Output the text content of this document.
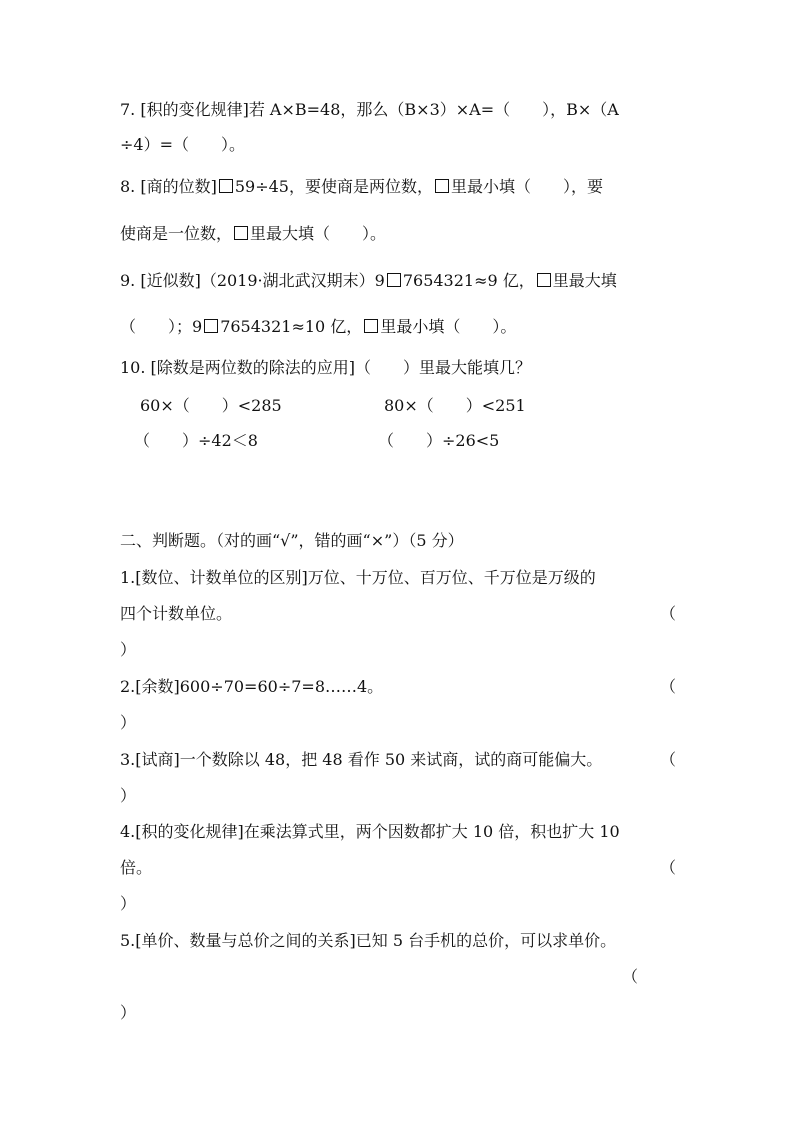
7. [积的变化规律]若 A×B=48，那么（B×3）×A=（　　），B×（A
÷4）=（　　）。
8. [商的位数] 59÷45，要使商是两位数， 里最小填（　　），要
使商是一位数， 里最大填（　　）。
9. [近似数]（2019·湖北武汉期末）9 7654321≈9 亿， 里最大填
（　　）；9 7654321≈10 亿， 里最小填（　　）。
10. [除数是两位数的除法的应用]（　　）里最大能填几？
60×（　　）<285	80×（　　）<251
（　　）÷42＜8	（　　）÷26<5
二、判断题。（对的画“√”，错的画“×”）（5 分）
1.[数位、计数单位的区别]万位、十万位、百万位、千万位是万级的
四个计数单位。	（
）
2.[余数]600÷70=60÷7=8……4。	（
）
3.[试商]一个数除以 48，把 48 看作 50 来试商，试的商可能偏大。	（
）
4.[积的变化规律]在乘法算式里，两个因数都扩大 10 倍，积也扩大 10
倍。	（
）
5.[单价、数量与总价之间的关系]已知 5 台手机的总价，可以求单价。
（
）
